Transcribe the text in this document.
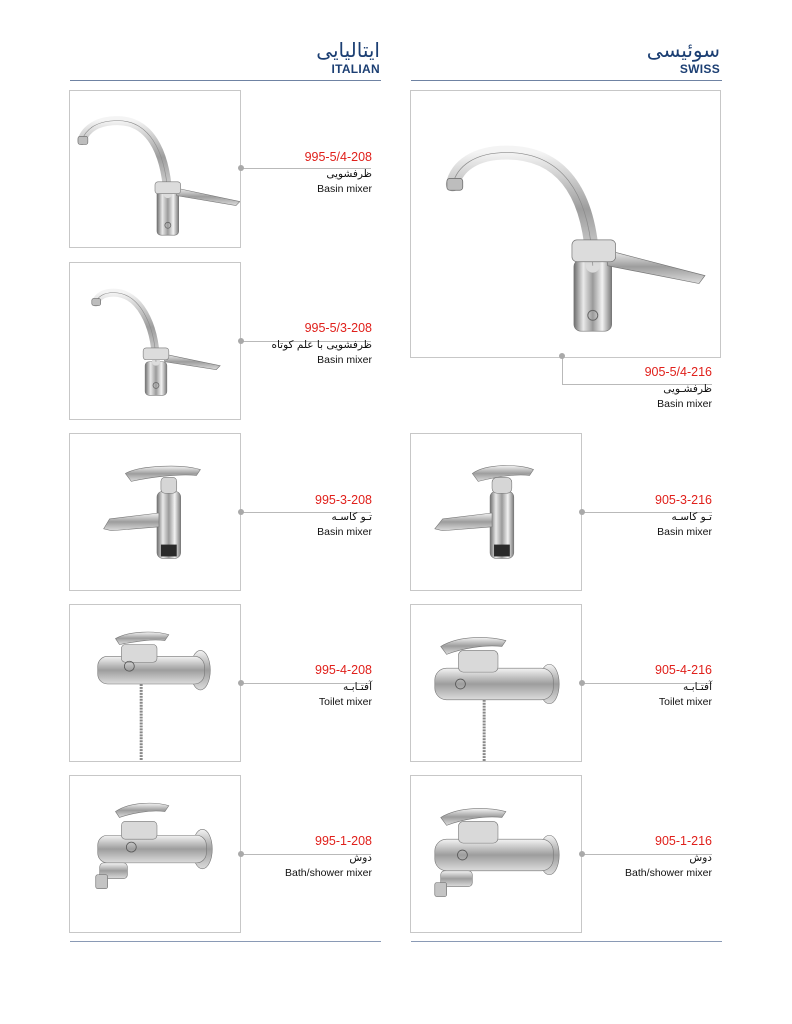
ایتالیایی
ITALIAN
سوئیسی
SWISS
995-5/4-208
ظرفشویی
Basin mixer
995-5/3-208
ظرفشویی با علم کوتاه
Basin mixer
995-3-208
تـو کاسـه
Basin mixer
995-4-208
آفتـابـه
Toilet mixer
995-1-208
دوش
Bath/shower mixer
905-5/4-216
ظرفشـویی
Basin mixer
905-3-216
تـو کاسـه
Basin mixer
905-4-216
آفتـابـه
Toilet mixer
905-1-216
دوش
Bath/shower mixer
